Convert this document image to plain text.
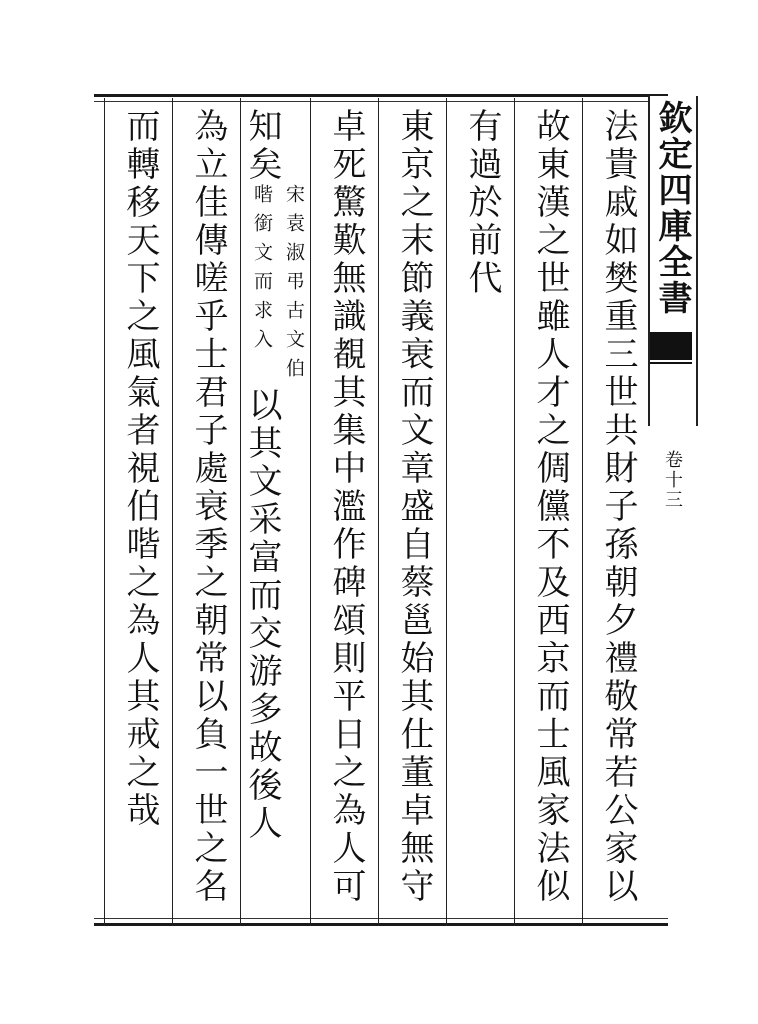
欽定四庫全書
卷十三
法貴戚如樊重三世共財子孫朝夕禮敬常若公家以
故東漢之世雖人才之倜儻不及西京而士風家法似
有過於前代
東京之末節義衰而文章盛自蔡邕始其仕董卓無守
卓死驚歎無識覩其集中濫作碑頌則平日之為人可
知矣
宋袁淑弔古文伯
喈銜文而求入
以其文采富而交游多故後人
為立佳傳嗟乎士君子處衰季之朝常以負一世之名
而轉移天下之風氣者視伯喈之為人其戒之哉
